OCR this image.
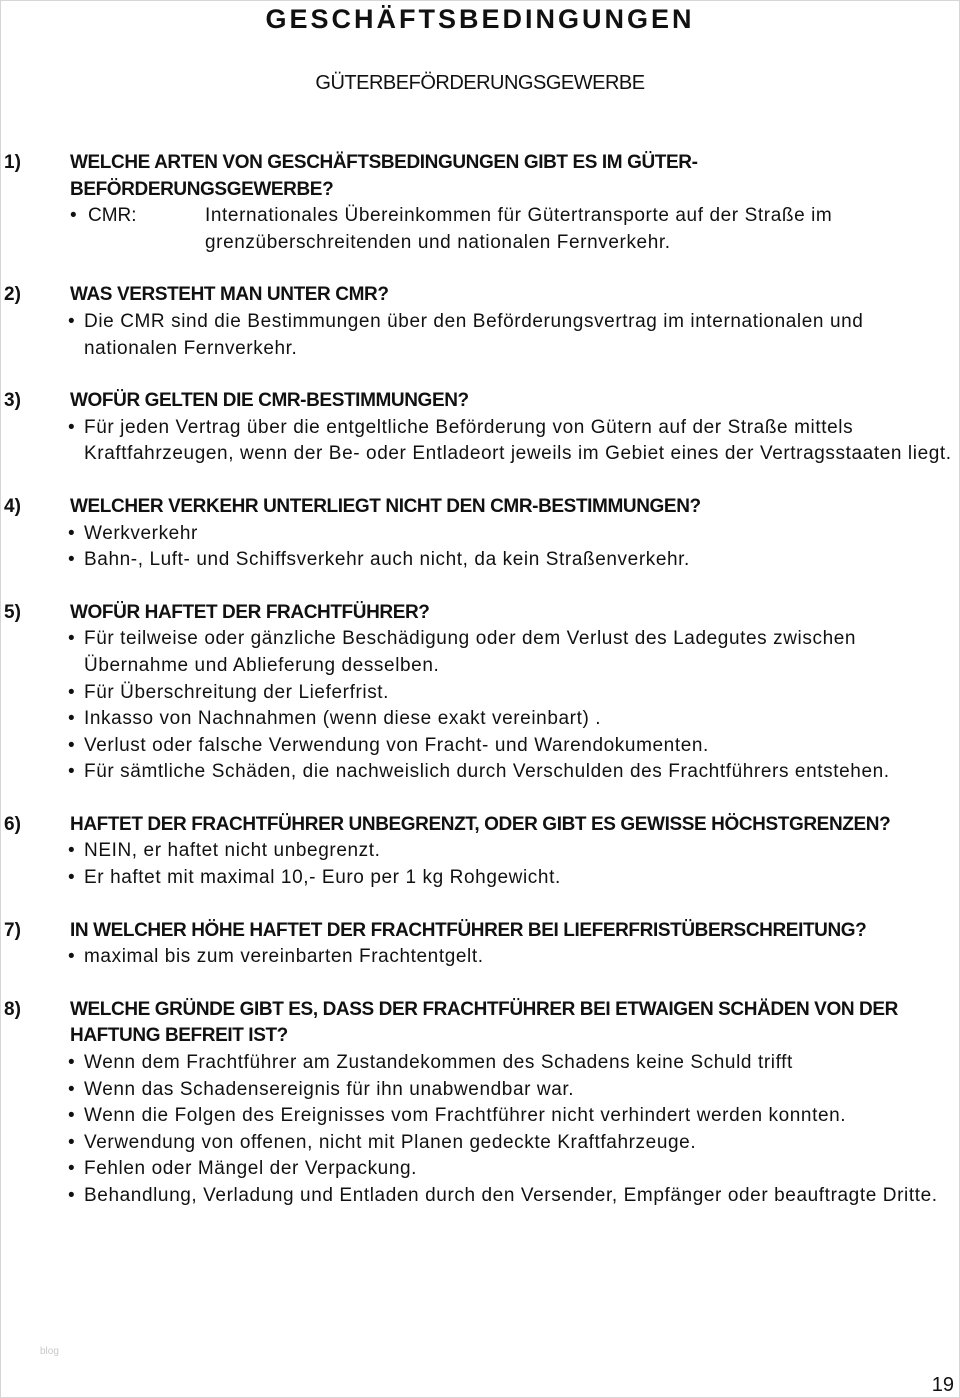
GESCHÄFTSBEDINGUNGEN
GÜTERBEFÖRDERUNGSGEWERBE
1)	WELCHE ARTEN VON GESCHÄFTSBEDINGUNGEN GIBT ES IM GÜTER-BEFÖRDERUNGSGEWERBE?
• CMR:	Internationales Übereinkommen für Gütertransporte auf der Straße im grenzüberschreitenden und nationalen Fernverkehr.
2)	WAS VERSTEHT MAN UNTER CMR?
• Die CMR sind die Bestimmungen über den Beförderungsvertrag im internationalen und nationalen Fernverkehr.
3)	WOFÜR GELTEN DIE CMR-BESTIMMUNGEN?
• Für jeden Vertrag über die entgeltliche Beförderung von Gütern auf der Straße mittels Kraftfahrzeugen, wenn der Be- oder Entladeort jeweils im Gebiet eines der Vertragsstaaten liegt.
4)	WELCHER VERKEHR UNTERLIEGT NICHT DEN CMR-BESTIMMUNGEN?
• Werkverkehr
• Bahn-, Luft- und Schiffsverkehr auch nicht, da kein Straßenverkehr.
5)	WOFÜR HAFTET DER FRACHTFÜHRER?
• Für teilweise oder gänzliche Beschädigung oder dem Verlust des Ladegutes zwischen Übernahme und Ablieferung desselben.
• Für Überschreitung der Lieferfrist.
• Inkasso von Nachnahmen (wenn diese exakt vereinbart) .
• Verlust oder falsche Verwendung von Fracht- und Warendokumenten.
• Für sämtliche Schäden, die nachweislich durch Verschulden des Frachtführers entstehen.
6)	HAFTET DER FRACHTFÜHRER UNBEGRENZT, ODER GIBT ES GEWISSE HÖCHSTGRENZEN?
• NEIN, er haftet nicht unbegrenzt.
• Er haftet mit maximal 10,- Euro per 1 kg Rohgewicht.
7)	IN WELCHER HÖHE HAFTET DER FRACHTFÜHRER BEI LIEFERFRISTÜBERSCHREITUNG?
• maximal bis zum vereinbarten Frachtentgelt.
8)	WELCHE GRÜNDE GIBT ES, DASS DER FRACHTFÜHRER BEI ETWAIGEN SCHÄDEN VON DER HAFTUNG BEFREIT IST?
• Wenn dem Frachtführer am Zustandekommen des Schadens keine Schuld trifft
• Wenn das Schadensereignis für ihn unabwendbar war.
• Wenn die Folgen des Ereignisses vom Frachtführer nicht verhindert werden konnten.
• Verwendung von offenen, nicht mit Planen gedeckte Kraftfahrzeuge.
• Fehlen oder Mängel der Verpackung.
• Behandlung, Verladung und Entladen durch den Versender, Empfänger oder beauftragte Dritte.
blog
19
